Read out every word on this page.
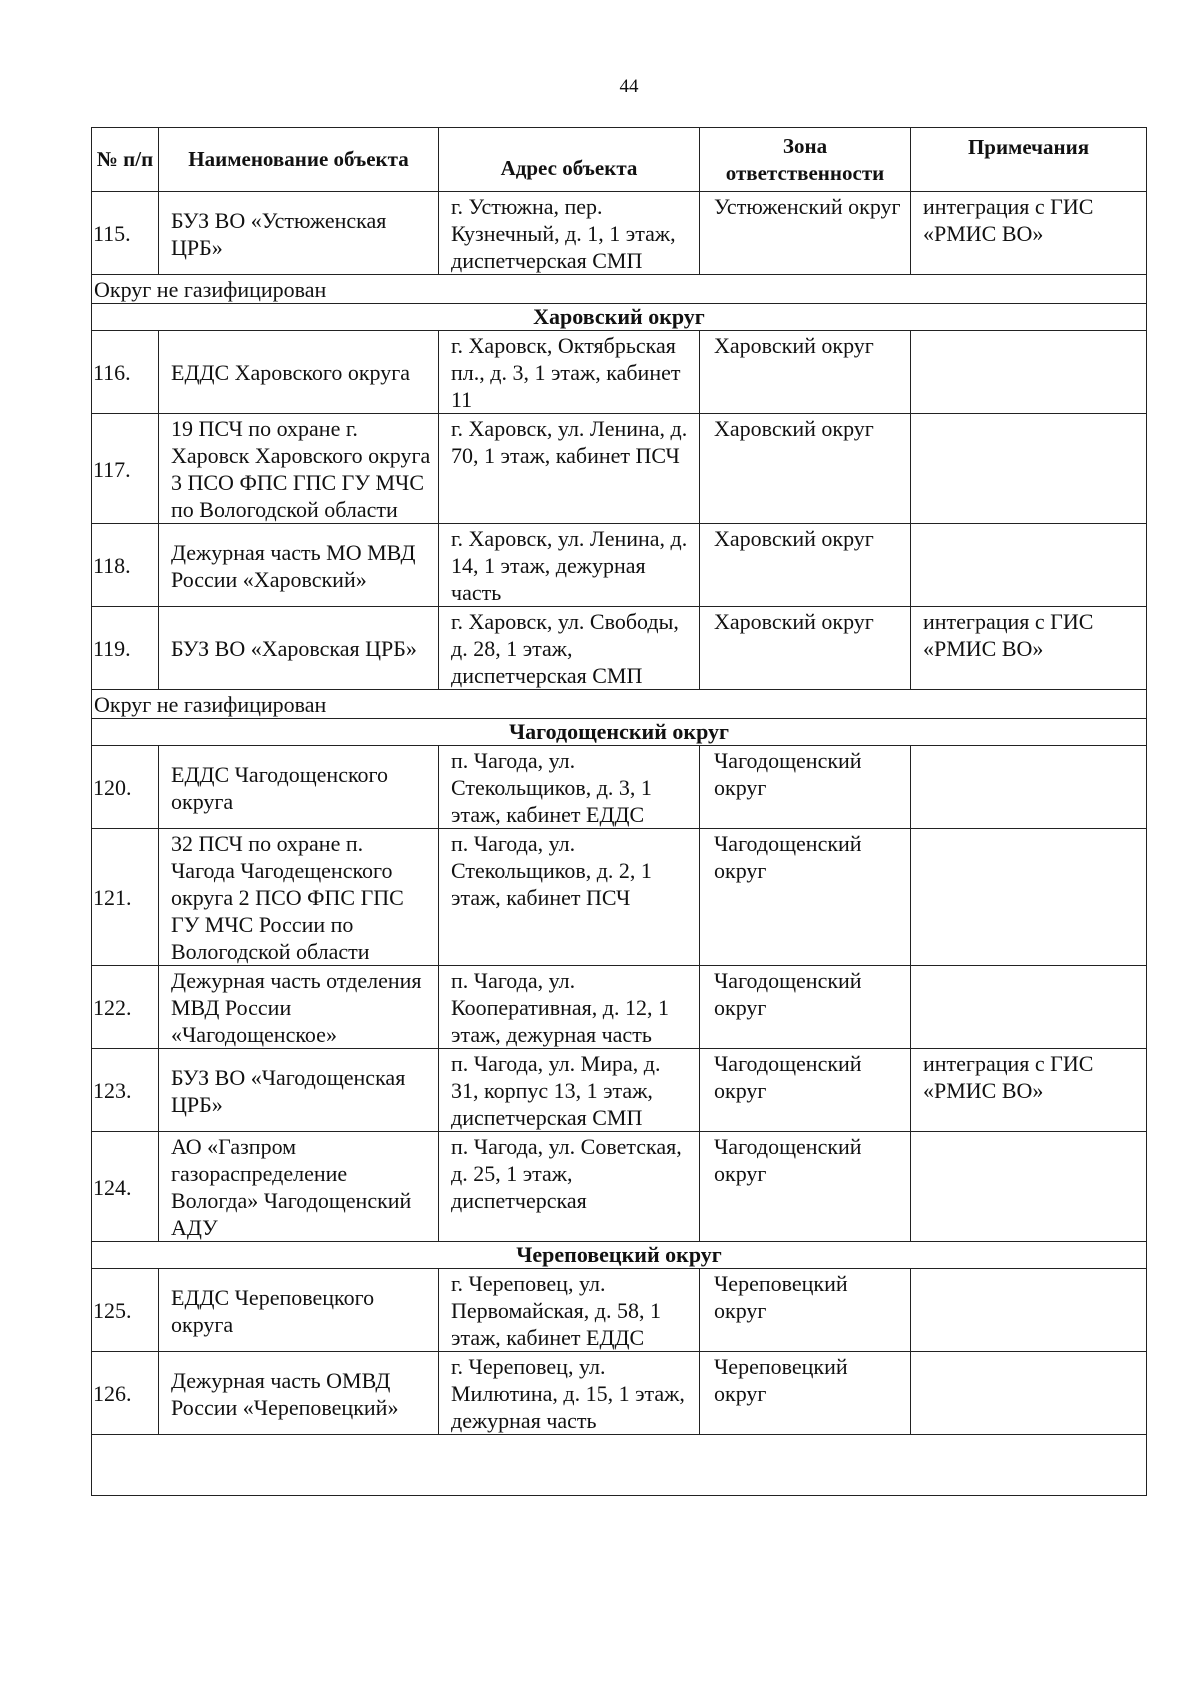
44
№ п/п	Наименование объекта	Адрес объекта	Зона ответственности	Примечания
115.	БУЗ ВО «Устюженская ЦРБ»	г. Устюжна, пер. Кузнечный, д. 1, 1 этаж, диспетчерская СМП	Устюженский округ	интеграция с ГИС «РМИС ВО»
Округ не газифицирован				
Харовский округ				
116.	ЕДДС Харовского округа	г. Харовск, Октябрьская пл., д. 3, 1 этаж, кабинет 11	Харовский округ	
117.	19 ПСЧ по охране г. Харовск Харовского округа 3 ПСО ФПС ГПС ГУ МЧС по Вологодской области	г. Харовск, ул. Ленина, д. 70, 1 этаж, кабинет ПСЧ	Харовский округ	
118.	Дежурная часть МО МВД России «Харовский»	г. Харовск, ул. Ленина, д. 14, 1 этаж, дежурная часть	Харовский округ	
119.	БУЗ ВО «Харовская ЦРБ»	г. Харовск, ул. Свободы, д. 28, 1 этаж, диспетчерская СМП	Харовский округ	интеграция с ГИС «РМИС ВО»
Округ не газифицирован				
Чагодощенский округ				
120.	ЕДДС Чагодощенского округа	п. Чагода, ул. Стекольщиков, д. 3, 1 этаж, кабинет ЕДДС	Чагодощенский округ	
121.	32 ПСЧ по охране п. Чагода Чагодещенского округа 2 ПСО ФПС ГПС ГУ МЧС России по Вологодской области	п. Чагода, ул. Стекольщиков, д. 2, 1 этаж, кабинет ПСЧ	Чагодощенский округ	
122.	Дежурная часть отделения МВД России «Чагодощенское»	п. Чагода, ул. Кооперативная, д. 12, 1 этаж, дежурная часть	Чагодощенский округ	
123.	БУЗ ВО «Чагодощенская ЦРБ»	п. Чагода, ул. Мира, д. 31, корпус 13, 1 этаж, диспетчерская СМП	Чагодощенский округ	интеграция с ГИС «РМИС ВО»
124.	АО «Газпром газораспределение Вологда» Чагодощенский АДУ	п. Чагода, ул. Советская, д. 25, 1 этаж, диспетчерская	Чагодощенский округ	
Череповецкий округ				
125.	ЕДДС Череповецкого округа	г. Череповец, ул. Первомайская, д. 58, 1 этаж, кабинет ЕДДС	Череповецкий округ	
126.	Дежурная часть ОМВД России «Череповецкий»	г. Череповец, ул. Милютина, д. 15, 1 этаж, дежурная часть	Череповецкий округ	
